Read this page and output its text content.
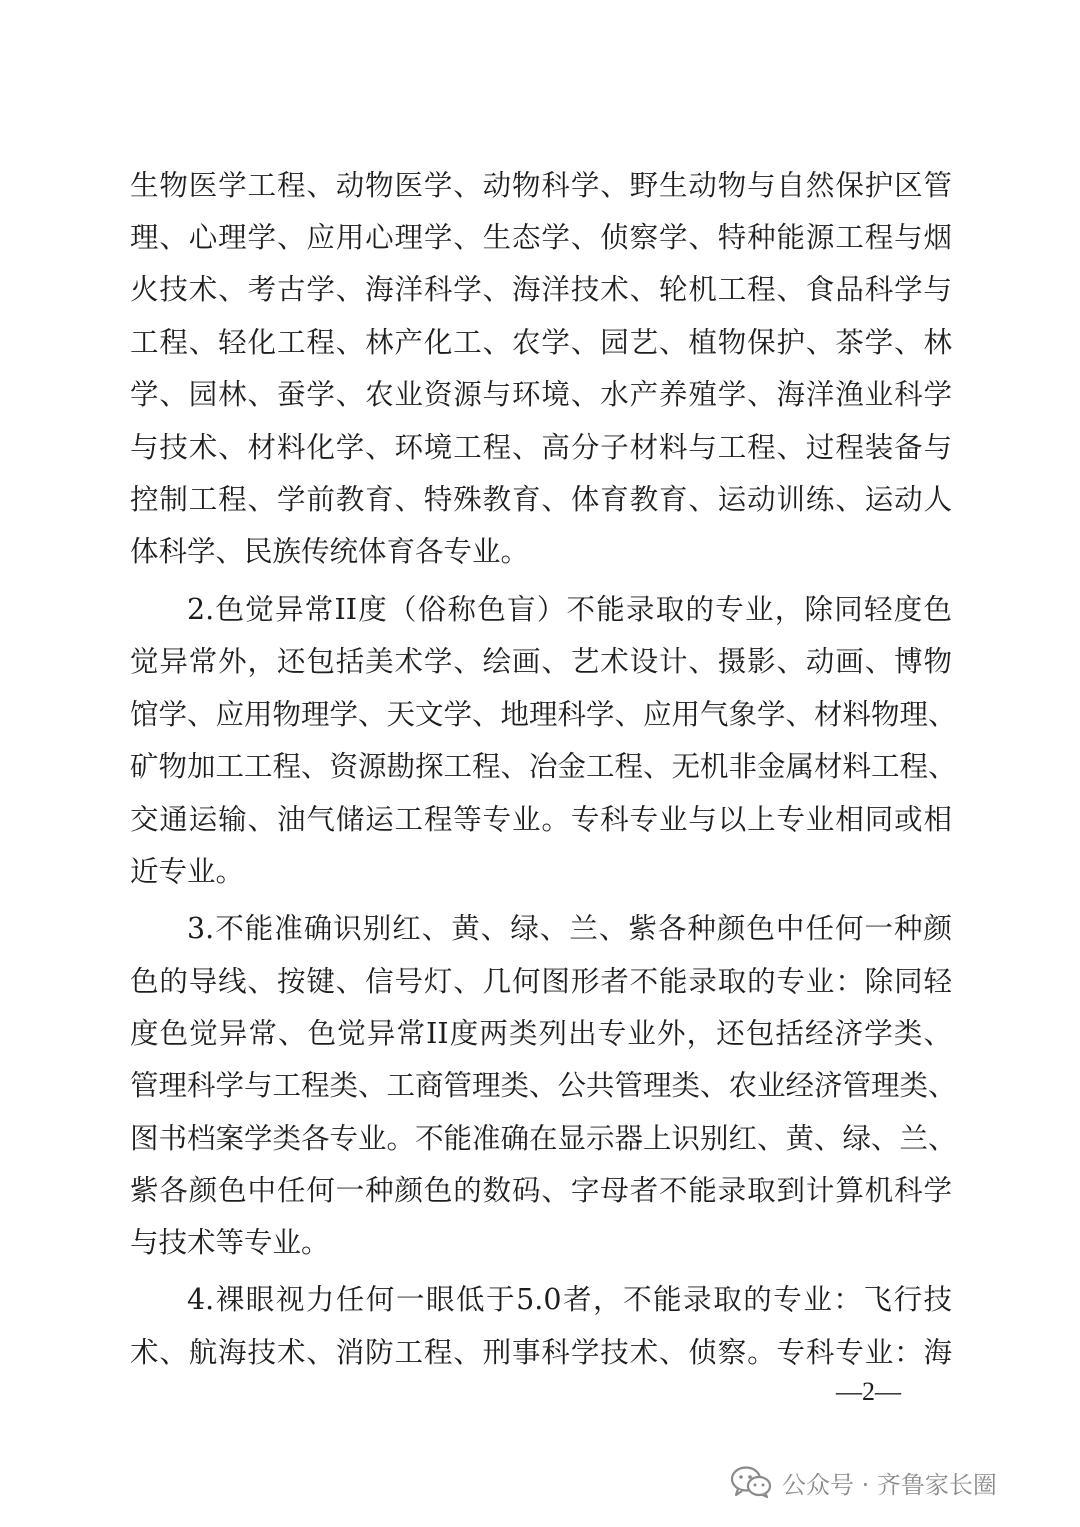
生物医学工程、动物医学、动物科学、野生动物与自然保护区管
理、心理学、应用心理学、生态学、侦察学、特种能源工程与烟
火技术、考古学、海洋科学、海洋技术、轮机工程、食品科学与
工程、轻化工程、林产化工、农学、园艺、植物保护、茶学、林
学、园林、蚕学、农业资源与环境、水产养殖学、海洋渔业科学
与技术、材料化学、环境工程、高分子材料与工程、过程装备与
控制工程、学前教育、特殊教育、体育教育、运动训练、运动人
体科学、民族传统体育各专业。
2.色觉异常II度（俗称色盲）不能录取的专业，除同轻度色
觉异常外，还包括美术学、绘画、艺术设计、摄影、动画、博物
馆学、应用物理学、天文学、地理科学、应用气象学、材料物理、
矿物加工工程、资源勘探工程、冶金工程、无机非金属材料工程、
交通运输、油气储运工程等专业。专科专业与以上专业相同或相
近专业。
3.不能准确识别红、黄、绿、兰、紫各种颜色中任何一种颜
色的导线、按键、信号灯、几何图形者不能录取的专业：除同轻
度色觉异常、色觉异常II度两类列出专业外，还包括经济学类、
管理科学与工程类、工商管理类、公共管理类、农业经济管理类、
图书档案学类各专业。不能准确在显示器上识别红、黄、绿、兰、
紫各颜色中任何一种颜色的数码、字母者不能录取到计算机科学
与技术等专业。
4.裸眼视力任何一眼低于5.0者，不能录取的专业：飞行技
术、航海技术、消防工程、刑事科学技术、侦察。专科专业：海
—2—
公众号 · 齐鲁家长圈
